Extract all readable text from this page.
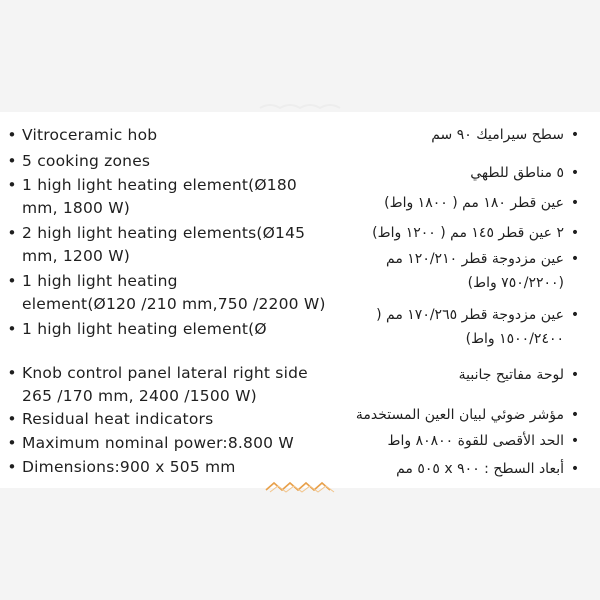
• Vitroceramic hob
• 5 cooking zones
• 1 high light heating element(Ø180
mm, 1800 W)
• 2 high light heating elements(Ø145
mm, 1200 W)
• 1 high light heating
element(Ø120 /210 mm,750 /2200 W)
• 1 high light heating element(Ø
• Knob control panel lateral right side
265 /170 mm, 2400 /1500 W)
• Residual heat indicators
• Maximum nominal power:8.800 W
• Dimensions:900 x 505 mm
•
سطح سيراميك ٩٠ سم
•
٥ مناطق للطهي
•
عين قطر ١٨٠ مم ( ١٨٠٠ واط)
•
٢ عين قطر ١٤٥ مم ( ١٢٠٠ واط)
•
عين مزدوجة قطر ١٢٠/٢١٠ مم
(٧٥٠/٢٢٠٠ واط)
•
عين مزدوجة قطر ١٧٠/٢٦٥ مم (
١٥٠٠/٢٤٠٠ واط)
•
لوحة مفاتيح جانبية
•
مؤشر ضوئي لبيان العين المستخدمة
•
الحد الأقصى للقوة ٨٠٨٠٠ واط
•
أبعاد السطح : ٩٠٠ x ٥٠٥ مم
